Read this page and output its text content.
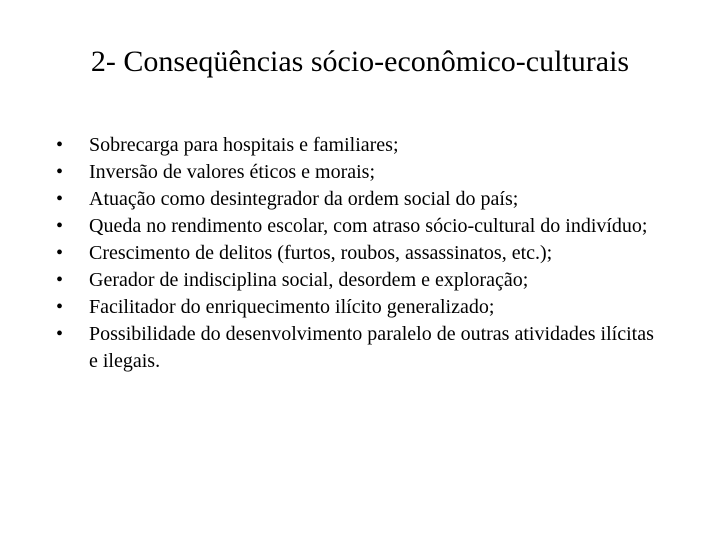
2- Conseqüências sócio-econômico-culturais
•	Sobrecarga para hospitais e familiares;
•	Inversão de valores éticos e morais;
•	Atuação como desintegrador da ordem social do país;
•	Queda no rendimento escolar, com atraso sócio-cultural do indivíduo;
•	Crescimento de delitos (furtos, roubos, assassinatos, etc.);
•	Gerador de indisciplina social, desordem e exploração;
•	Facilitador do enriquecimento ilícito generalizado;
•	Possibilidade do desenvolvimento paralelo de outras atividades ilícitas e ilegais.
